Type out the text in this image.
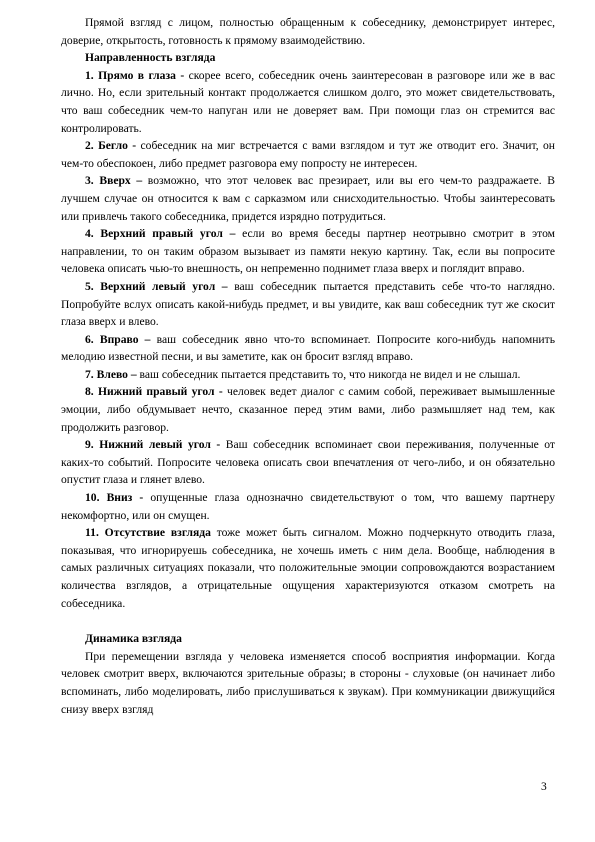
Прямой взгляд с лицом, полностью обращенным к собеседнику, демонстрирует интерес, доверие, открытость, готовность к прямому взаимодействию.

Направленность взгляда

1. Прямо в глаза - скорее всего, собеседник очень заинтересован в разговоре или же в вас лично. Но, если зрительный контакт продолжается слишком долго, это может свидетельствовать, что ваш собеседник чем-то напуган или не доверяет вам. При помощи глаз он стремится вас контролировать.

2. Бегло - собеседник на миг встречается с вами взглядом и тут же отводит его. Значит, он чем-то обеспокоен, либо предмет разговора ему попросту не интересен.

3. Вверх – возможно, что этот человек вас презирает, или вы его чем-то раздражаете. В лучшем случае он относится к вам с сарказмом или снисходительностью. Чтобы заинтересовать или привлечь такого собеседника, придется изрядно потрудиться.

4. Верхний правый угол – если во время беседы партнер неотрывно смотрит в этом направлении, то он таким образом вызывает из памяти некую картину. Так, если вы попросите человека описать чью-то внешность, он непременно поднимет глаза вверх и поглядит вправо.

5. Верхний левый угол – ваш собеседник пытается представить себе что-то наглядно. Попробуйте вслух описать какой-нибудь предмет, и вы увидите, как ваш собеседник тут же скосит глаза вверх и влево.

6. Вправо – ваш собеседник явно что-то вспоминает. Попросите кого-нибудь напомнить мелодию известной песни, и вы заметите, как он бросит взгляд вправо.

7. Влево – ваш собеседник пытается представить то, что никогда не видел и не слышал.

8. Нижний правый угол - человек ведет диалог с самим собой, переживает вымышленные эмоции, либо обдумывает нечто, сказанное перед этим вами, либо размышляет над тем, как продолжить разговор.

9. Нижний левый угол - Ваш собеседник вспоминает свои переживания, полученные от каких-то событий. Попросите человека описать свои впечатления от чего-либо, и он обязательно опустит глаза и глянет влево.

10. Вниз - опущенные глаза однозначно свидетельствуют о том, что вашему партнеру некомфортно, или он смущен.

11. Отсутствие взгляда тоже может быть сигналом. Можно подчеркнуто отводить глаза, показывая, что игнорируешь собеседника, не хочешь иметь с ним дела. Вообще, наблюдения в самых различных ситуациях показали, что положительные эмоции сопровождаются возрастанием количества взглядов, а отрицательные ощущения характеризуются отказом смотреть на собеседника.

Динамика взгляда

При перемещении взгляда у человека изменяется способ восприятия информации. Когда человек смотрит вверх, включаются зрительные образы; в стороны - слуховые (он начинает либо вспоминать, либо моделировать, либо прислушиваться к звукам). При коммуникации движущийся снизу вверх взгляд

3
